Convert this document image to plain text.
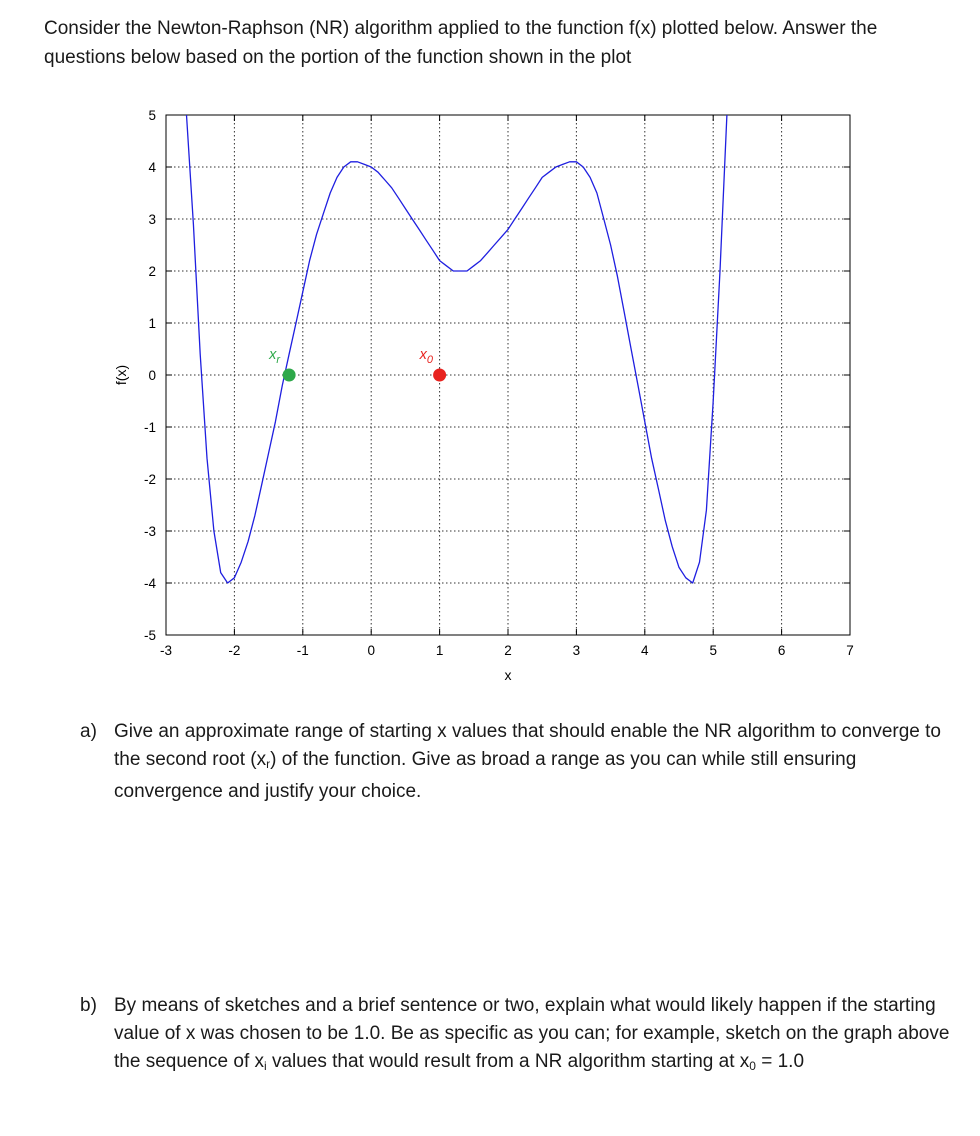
Consider the Newton-Raphson (NR) algorithm applied to the function f(x) plotted below. Answer the
questions below based on the portion of the function shown in the plot

-3	-2	-1	0	1	2	3	4	5	6	7
5
4
3
2
1
0
-1
-2
-3
-4
-5
$x_r$	$x_0$
x
f(x)
a) Give an approximate range of starting x values that should enable the NR algorithm to converge to the second root $(x_r)$ of the function. Give as broad a range as you can while still ensuring convergence and justify your choice.
b) By means of sketches and a brief sentence or two, explain what would likely happen if the starting value of x was chosen to be 1.0. Be as specific as you can; for example, sketch on the graph above the sequence of $x_i$ values that would result from a NR algorithm starting at $x_0 = 1.0$
